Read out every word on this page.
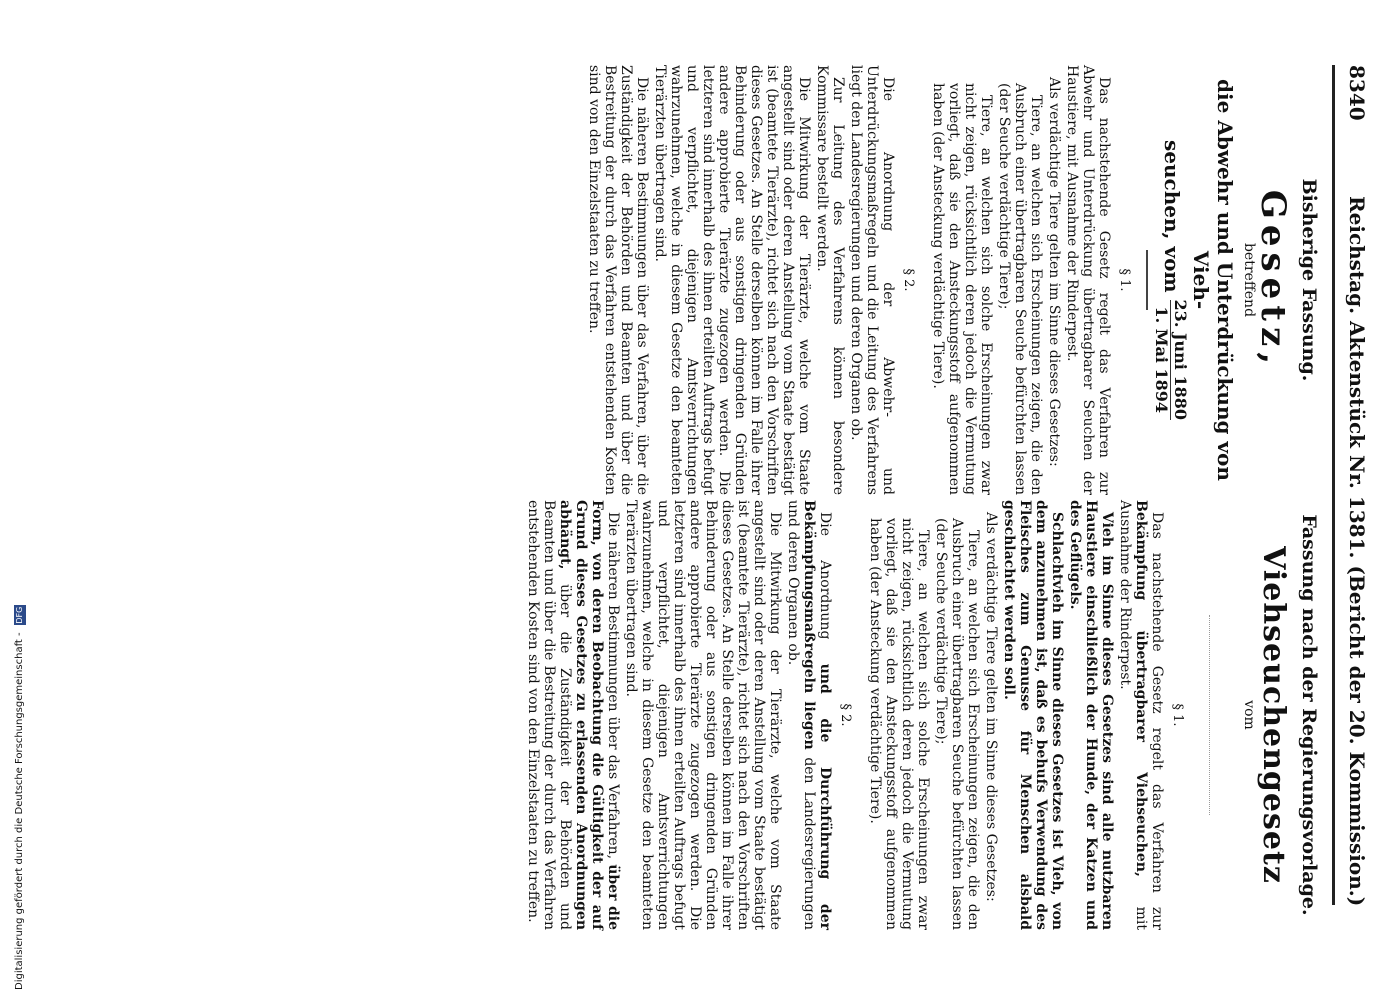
8340
Reichstag. Aktenstück Nr. 1381. (Bericht der 20. Kommission.)
Bisherige Fassung.
Gesetz,
betreffend
die Abwehr und Unterdrückung von Vieh-
seuchen, vom
23. Juni 1880
1. Mai 1894
§ 1.

Das nachstehende Gesetz regelt das Verfahren zur Abwehr und Unterdrückung übertragbarer Seuchen der Haustiere, mit Ausnahme der Rinderpest.

Als verdächtige Tiere gelten im Sinne dieses Gesetzes:

Tiere, an welchen sich Erscheinungen zeigen, die den Ausbruch einer übertragbaren Seuche befürchten lassen (der Seuche verdächtige Tiere);

Tiere, an welchen sich solche Erscheinungen zwar nicht zeigen, rücksichtlich deren jedoch die Vermutung vorliegt, daß sie den Ansteckungsstoff aufgenommen haben (der Ansteckung verdächtige Tiere).

§ 2.

Die Anordnung der Abwehr- und Unterdrückungsmaßregeln und die Leitung des Verfahrens liegt den Landesregierungen und deren Organen ob.

Zur Leitung des Verfahrens können besondere Kommissare bestellt werden.

Die Mitwirkung der Tierärzte, welche vom Staate angestellt sind oder deren Anstellung vom Staate bestätigt ist (beamtete Tierärzte), richtet sich nach den Vorschriften dieses Gesetzes. An Stelle derselben können im Falle ihrer Behinderung oder aus sonstigen dringenden Gründen andere approbierte Tierärzte zugezogen werden. Die letzteren sind innerhalb des ihnen erteilten Auftrags befugt und verpflichtet, diejenigen Amtsverrichtungen wahrzunehmen, welche in diesem Gesetze den beamteten Tierärzten übertragen sind.

Die näheren Bestimmungen über das Verfahren, über die Zuständigkeit der Behörden und Beamten und über die Bestreitung der durch das Verfahren entstehenden Kosten sind von den Einzelstaaten zu treffen.

Fassung nach der Regierungsvorlage.
Viehseuchengesetz
vom
§ 1.

Das nachstehende Gesetz regelt das Verfahren zur Bekämpfung übertragbarer Viehseuchen, mit Ausnahme der Rinderpest.

Vieh im Sinne dieses Gesetzes sind alle nutzbaren Haustiere einschließlich der Hunde, der Katzen und des Geflügels.

Schlachtvieh im Sinne dieses Gesetzes ist Vieh, von dem anzunehmen ist, daß es behufs Verwendung des Fleisches zum Genusse für Menschen alsbald geschlachtet werden soll.

Als verdächtige Tiere gelten im Sinne dieses Gesetzes:

Tiere, an welchen sich Erscheinungen zeigen, die den Ausbruch einer übertragbaren Seuche befürchten lassen (der Seuche verdächtige Tiere);

Tiere, an welchen sich solche Erscheinungen zwar nicht zeigen, rücksichtlich deren jedoch die Vermutung vorliegt, daß sie den Ansteckungsstoff aufgenommen haben (der Ansteckung verdächtige Tiere).

§ 2.

Die Anordnung und die Durchführung der Bekämpfungsmaßregeln liegen den Landesregierungen und deren Organen ob.

Die Mitwirkung der Tierärzte, welche vom Staate angestellt sind oder deren Anstellung vom Staate bestätigt ist (beamtete Tierärzte), richtet sich nach den Vorschriften dieses Gesetzes. An Stelle derselben können im Falle ihrer Behinderung oder aus sonstigen dringenden Gründen andere approbierte Tierärzte zugezogen werden. Die letzteren sind innerhalb des ihnen erteilten Auftrags befugt und verpflichtet, diejenigen Amtsverrichtungen wahrzunehmen, welche in diesem Gesetze den beamteten Tierärzten übertragen sind.

Die näheren Bestimmungen über das Verfahren, über die Form, von deren Beobachtung die Gültigkeit der auf Grund dieses Gesetzes zu erlassenden Anordnungen abhängt, über die Zuständigkeit der Behörden und Beamten und über die Bestreitung der durch das Verfahren entstehenden Kosten sind von den Einzelstaaten zu treffen.

Digitalisierung gefördert durch die Deutsche Forschungsgemeinschaft - DFG
